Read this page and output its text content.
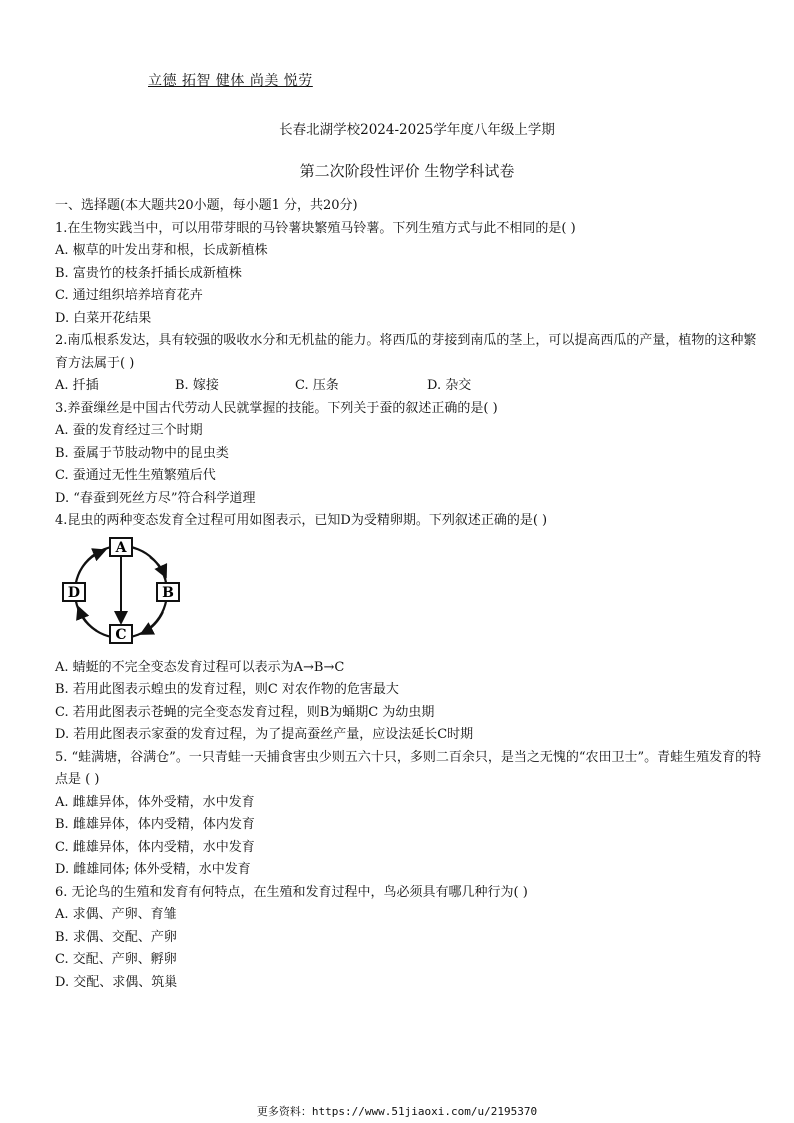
立德 拓智 健体 尚美 悦劳
长春北湖学校2024-2025学年度八年级上学期
第二次阶段性评价 生物学科试卷
一、选择题(本大题共20小题，每小题1 分，共20分)
1.在生物实践当中，可以用带芽眼的马铃薯块繁殖马铃薯。下列生殖方式与此不相同的是( )
A. 椒草的叶发出芽和根，长成新植株
B. 富贵竹的枝条扦插长成新植株
C. 通过组织培养培育花卉
D. 白菜开花结果
2.南瓜根系发达，具有较强的吸收水分和无机盐的能力。将西瓜的芽接到南瓜的茎上，可以提高西瓜的产量，植物的这种繁育方法属于( )
A. 扦插	B. 嫁接	C. 压条	D. 杂交
3.养蚕缫丝是中国古代劳动人民就掌握的技能。下列关于蚕的叙述正确的是( )
A. 蚕的发育经过三个时期
B. 蚕属于节肢动物中的昆虫类
C. 蚕通过无性生殖繁殖后代
D. “春蚕到死丝方尽”符合科学道理
4.昆虫的两种变态发育全过程可用如图表示，已知D为受精卵期。下列叙述正确的是( )
A
B
C
D
A. 蜻蜓的不完全变态发育过程可以表示为A→B→C
B. 若用此图表示蝗虫的发育过程，则C 对农作物的危害最大
C. 若用此图表示苍蝇的完全变态发育过程，则B为蛹期C 为幼虫期
D. 若用此图表示家蚕的发育过程，为了提高蚕丝产量，应设法延长C时期
5. “蛙满塘，谷满仓”。一只青蛙一天捕食害虫少则五六十只，多则二百余只，是当之无愧的“农田卫士”。青蛙生殖发育的特点是 ( )
A. 雌雄异体，体外受精，水中发育
B. 雌雄异体，体内受精，体内发育
C. 雌雄异体，体内受精，水中发育
D. 雌雄同体; 体外受精，水中发育
6. 无论鸟的生殖和发育有何特点，在生殖和发育过程中，鸟必须具有哪几种行为( )
A. 求偶、产卵、育雏
B. 求偶、交配、产卵
C. 交配、产卵、孵卵
D. 交配、求偶、筑巢
更多资料：https://www.51jiaoxi.com/u/2195370
